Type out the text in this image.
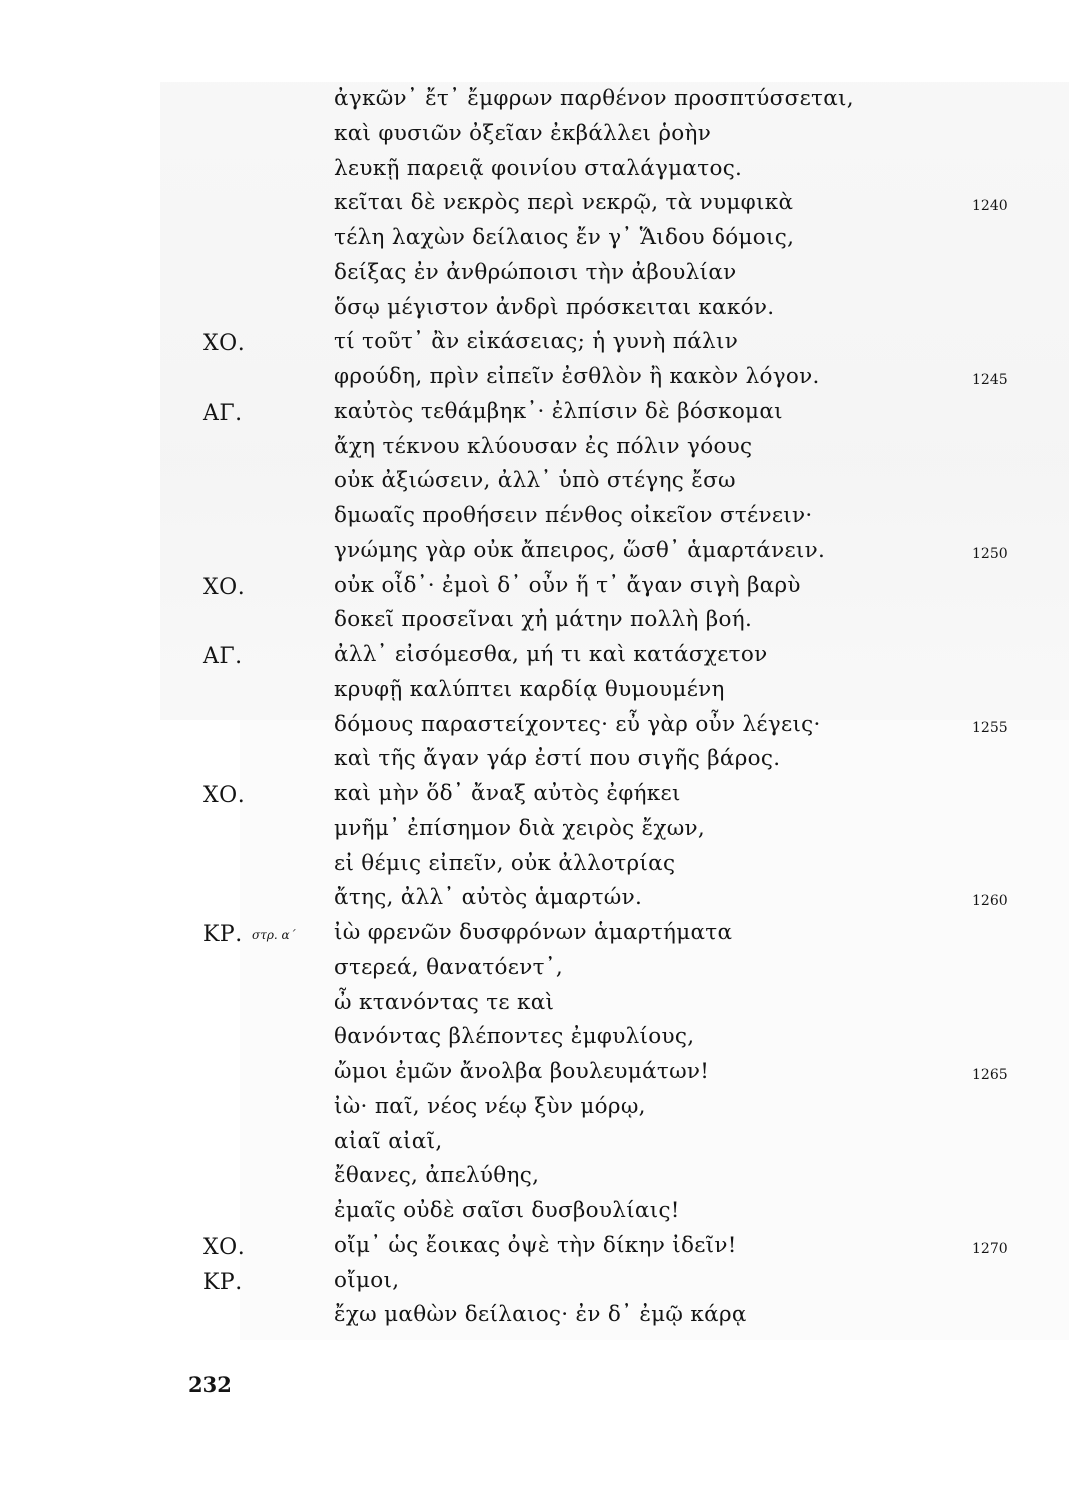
ἀγκῶν᾽ ἔτ᾽ ἔμφρων παρθένον προσπτύσσεται,
καὶ φυσιῶν ὀξεῖαν ἐκβάλλει ῥοὴν
λευκῇ παρειᾷ φοινίου σταλάγματος.
κεῖται δὲ νεκρὸς περὶ νεκρῷ, τὰ νυμφικὰ	1240
τέλη λαχὼν δείλαιος ἔν γ᾽ Ἅιδου δόμοις,
δείξας ἐν ἀνθρώποισι τὴν ἀβουλίαν
ὅσῳ μέγιστον ἀνδρὶ πρόσκειται κακόν.
ΧΟ.	τί τοῦτ᾽ ἂν εἰκάσειας; ἡ γυνὴ πάλιν
φρούδη, πρὶν εἰπεῖν ἐσθλὸν ἢ κακὸν λόγον.	1245
ΑΓ.	καὐτὸς τεθάμβηκ᾽· ἐλπίσιν δὲ βόσκομαι
ἄχη τέκνου κλύουσαν ἐς πόλιν γόους
οὐκ ἀξιώσειν, ἀλλ᾽ ὑπὸ στέγης ἔσω
δμωαῖς προθήσειν πένθος οἰκεῖον στένειν·
γνώμης γὰρ οὐκ ἄπειρος, ὥσθ᾽ ἁμαρτάνειν.	1250
ΧΟ.	οὐκ οἶδ᾽· ἐμοὶ δ᾽ οὖν ἥ τ᾽ ἄγαν σιγὴ βαρὺ
δοκεῖ προσεῖναι χἠ μάτην πολλὴ βοή.
ΑΓ.	ἀλλ᾽ εἰσόμεσθα, μή τι καὶ κατάσχετον
κρυφῇ καλύπτει καρδίᾳ θυμουμένη
δόμους παραστείχοντες· εὖ γὰρ οὖν λέγεις·	1255
καὶ τῆς ἄγαν γάρ ἐστί που σιγῆς βάρος.
ΧΟ.	καὶ μὴν ὅδ᾽ ἄναξ αὐτὸς ἐφήκει
μνῆμ᾽ ἐπίσημον διὰ χειρὸς ἔχων,
εἰ θέμις εἰπεῖν, οὐκ ἀλλοτρίας
ἄτης, ἀλλ᾽ αὐτὸς ἁμαρτών.	1260
ΚΡ. στρ. α´ ἰὼ φρενῶν δυσφρόνων ἁμαρτήματα
στερεά, θανατόεντ᾽,
ὦ κτανόντας τε καὶ
θανόντας βλέποντες ἐμφυλίους,
ὤμοι ἐμῶν ἄνολβα βουλευμάτων!	1265
ἰὼ· παῖ, νέος νέῳ ξὺν μόρῳ,
αἰαῖ αἰαῖ,
ἔθανες, ἀπελύθης,
ἐμαῖς οὐδὲ σαῖσι δυσβουλίαις!
ΧΟ.	οἴμ᾽ ὡς ἔοικας ὀψὲ τὴν δίκην ἰδεῖν!	1270
ΚΡ.	οἴμοι,
ἔχω μαθὼν δείλαιος· ἐν δ᾽ ἐμῷ κάρᾳ
232
